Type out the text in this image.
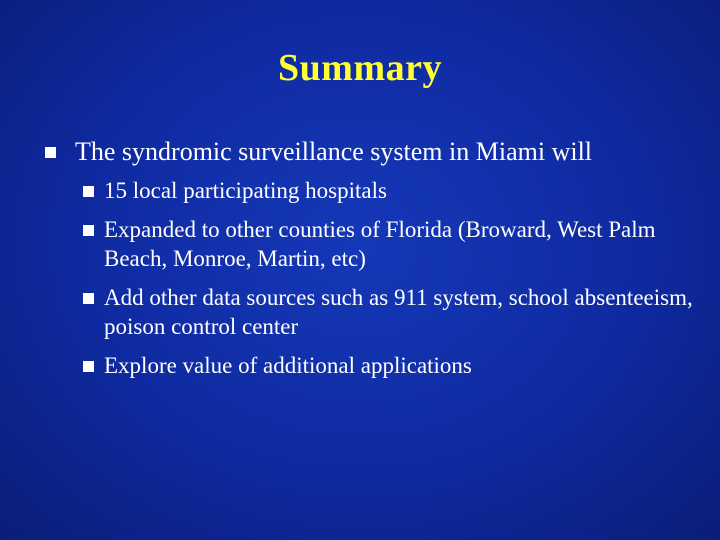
Summary
The syndromic surveillance system in Miami will
15 local participating hospitals
Expanded to other counties of Florida (Broward, West Palm Beach, Monroe, Martin, etc)
Add other data sources such as 911 system, school absenteeism, poison control center
Explore value of additional applications
